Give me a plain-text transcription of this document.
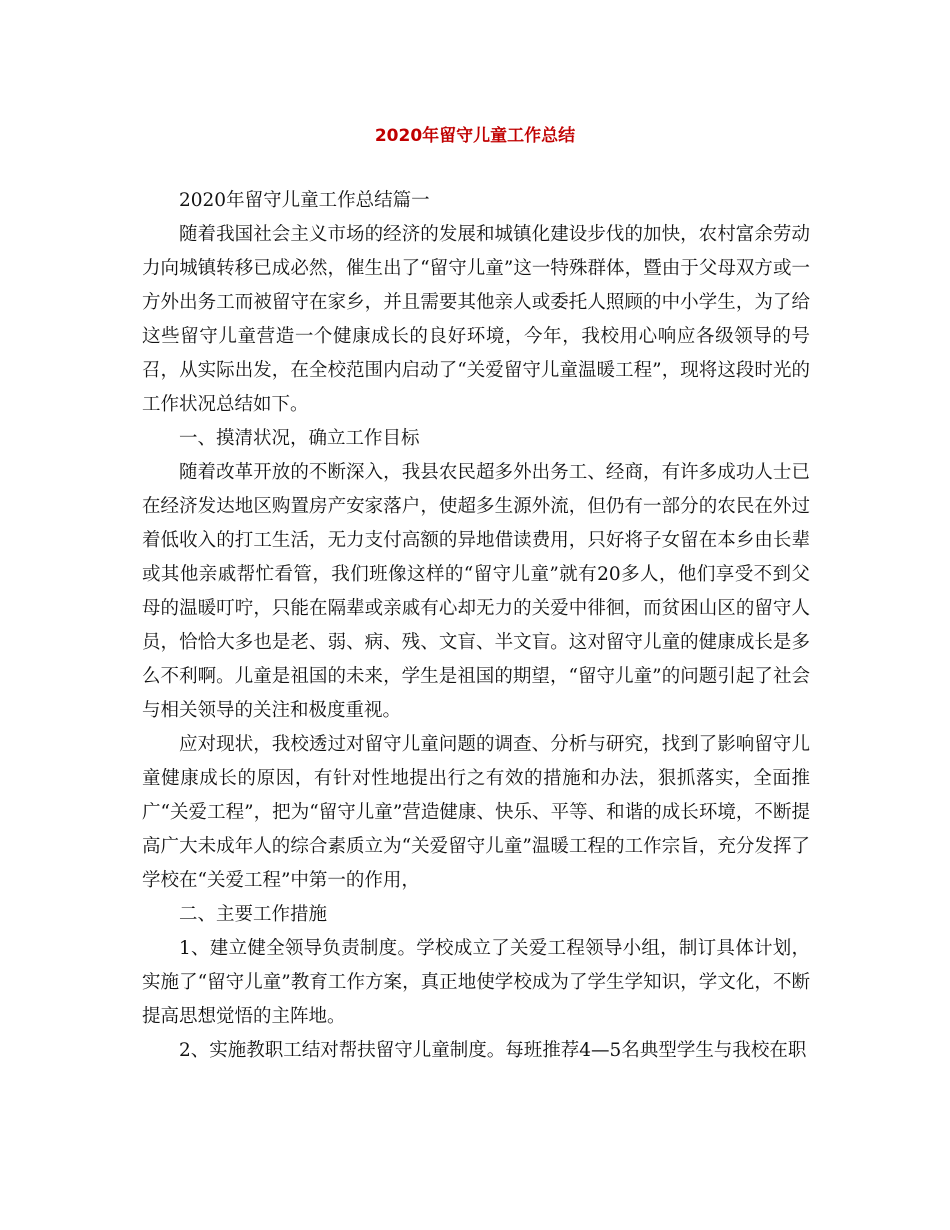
2020年留守儿童工作总结

2020年留守儿童工作总结篇一

随着我国社会主义市场的经济的发展和城镇化建设步伐的加快，农村富余劳动力向城镇转移已成必然，催生出了“留守儿童”这一特殊群体，暨由于父母双方或一方外出务工而被留守在家乡，并且需要其他亲人或委托人照顾的中小学生，为了给这些留守儿童营造一个健康成长的良好环境，今年，我校用心响应各级领导的号召，从实际出发，在全校范围内启动了“关爱留守儿童温暖工程”，现将这段时光的工作状况总结如下。

一、摸清状况，确立工作目标

随着改革开放的不断深入，我县农民超多外出务工、经商，有许多成功人士已在经济发达地区购置房产安家落户，使超多生源外流，但仍有一部分的农民在外过着低收入的打工生活，无力支付高额的异地借读费用，只好将子女留在本乡由长辈或其他亲戚帮忙看管，我们班像这样的“留守儿童”就有20多人，他们享受不到父母的温暖叮咛，只能在隔辈或亲戚有心却无力的关爱中徘徊，而贫困山区的留守人员，恰恰大多也是老、弱、病、残、文盲、半文盲。这对留守儿童的健康成长是多么不利啊。儿童是祖国的未来，学生是祖国的期望，“留守儿童”的问题引起了社会与相关领导的关注和极度重视。

应对现状，我校透过对留守儿童问题的调查、分析与研究，找到了影响留守儿童健康成长的原因，有针对性地提出行之有效的措施和办法，狠抓落实，全面推广“关爱工程”，把为“留守儿童”营造健康、快乐、平等、和谐的成长环境，不断提高广大未成年人的综合素质立为“关爱留守儿童”温暖工程的工作宗旨，充分发挥了学校在“关爱工程”中第一的作用，

二、主要工作措施

1、建立健全领导负责制度。学校成立了关爱工程领导小组，制订具体计划，实施了“留守儿童”教育工作方案，真正地使学校成为了学生学知识，学文化，不断提高思想觉悟的主阵地。

2、实施教职工结对帮扶留守儿童制度。每班推荐4—5名典型学生与我校在职
